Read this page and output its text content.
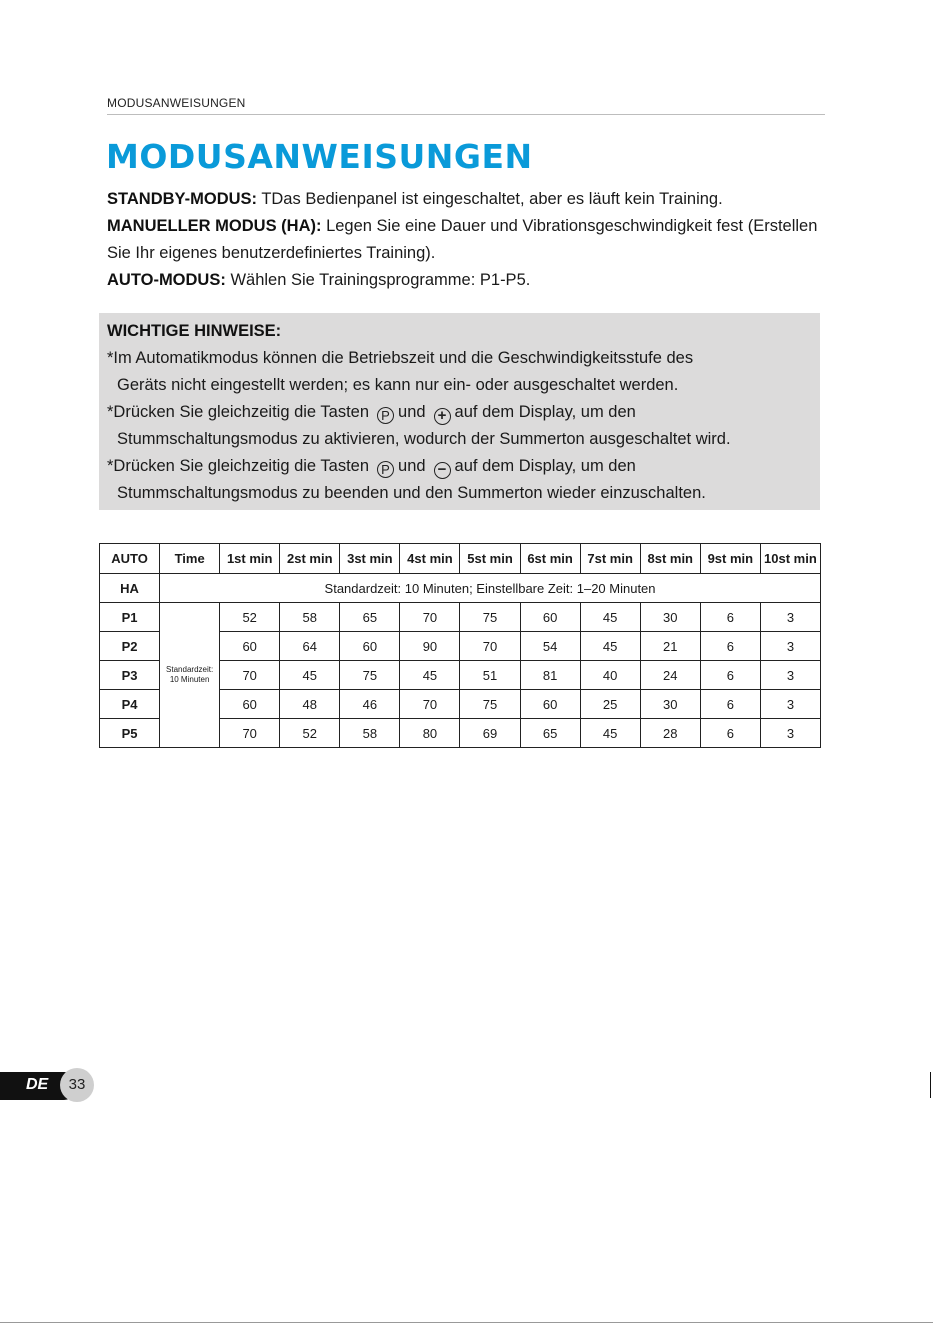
MODUSANWEISUNGEN
MODUSANWEISUNGEN

STANDBY-MODUS: TDas Bedienpanel ist eingeschaltet, aber es läuft kein Training.

MANUELLER MODUS (HA): Legen Sie eine Dauer und Vibrationsgeschwindigkeit fest (Erstellen Sie Ihr eigenes benutzerdefiniertes Training).

AUTO-MODUS: Wählen Sie Trainingsprogramme: P1-P5.

WICHTIGE HINWEISE:
*Im Automatikmodus können die Betriebszeit und die Geschwindigkeitsstufe des
Geräts nicht eingestellt werden; es kann nur ein- oder ausgeschaltet werden.
*Drücken Sie gleichzeitig die Tasten P und + auf dem Display, um den
Stummschaltungsmodus zu aktivieren, wodurch der Summerton ausgeschaltet wird.
*Drücken Sie gleichzeitig die Tasten P und − auf dem Display, um den
Stummschaltungsmodus zu beenden und den Summerton wieder einzuschalten.
AUTO	Time	1st min	2st min	3st min	4st min	5st min	6st min	7st min	8st min	9st min	10st min
HA	Standardzeit: 10 Minuten; Einstellbare Zeit: 1–20 Minuten										
P1	Standardzeit:
10 Minuten	52	58	65	70	75	60	45	30	6	3
P2		60	64	60	90	70	54	45	21	6	3
P3		70	45	75	45	51	81	40	24	6	3
P4		60	48	46	70	75	60	25	30	6	3
P5		70	52	58	80	69	65	45	28	6	3
DE	33
